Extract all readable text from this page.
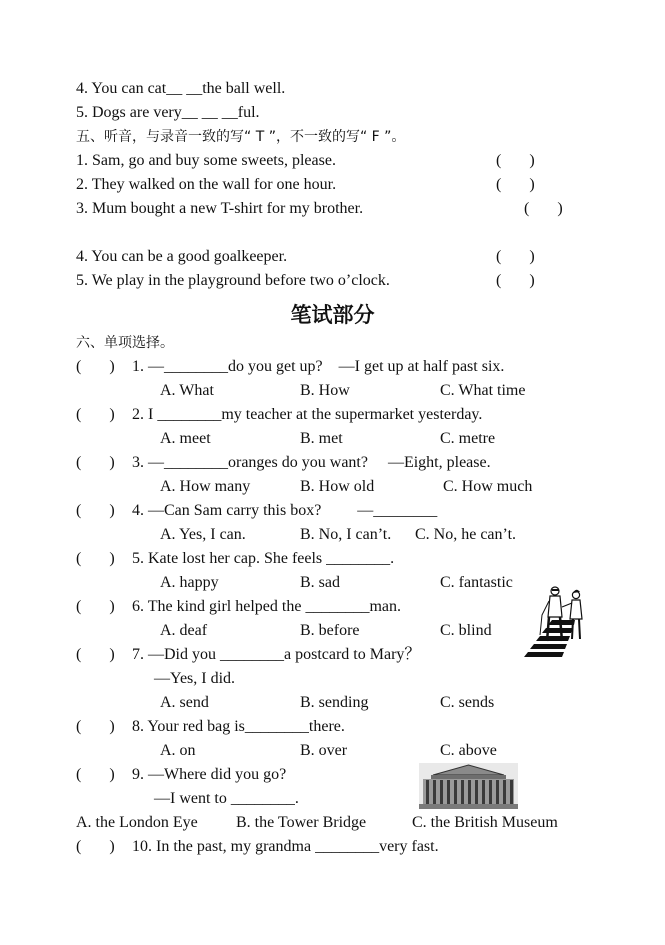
4. You can cat__ __the ball well.
5. Dogs are very__ __ __ful.
五、听音，与录音一致的写“ T ”，不一致的写“ F ”。
1. Sam, go and buy some sweets, please.	(       )
2. They walked on the wall for one hour.	(       )
3. Mum bought a new T-shirt for my brother.	(       )
4. You can be a good goalkeeper.	(       )
5. We play in the playground before two o’clock.	(       )
笔试部分
六、单项选择。
(       ) 1. —________do you get up?    —I get up at half past six.
A. What	B. How	C. What time
(       ) 2. I ________my teacher at the supermarket yesterday.
A. meet	B. met	C. metre
(       ) 3. —________oranges do you want?     —Eight, please.
A. How many	B. How old	C. How much
(       ) 4. —Can Sam carry this box?         —________
A. Yes, I can.	B. No, I can’t. C. No, he can’t.
(       ) 5. Kate lost her cap. She feels ________.
A. happy	B. sad	C. fantastic
(       ) 6. The kind girl helped the ________man.
A. deaf	B. before	C. blind
(       ) 7. —Did you ________a postcard to Mary？
—Yes, I did.
A. send	B. sending	C. sends
(       ) 8. Your red bag is________there.
A. on	B. over	C. above
(       ) 9. —Where did you go?
—I went to ________.
A. the London Eye B. the Tower Bridge	C. the British Museum
(       ) 10. In the past, my grandma ________very fast.
